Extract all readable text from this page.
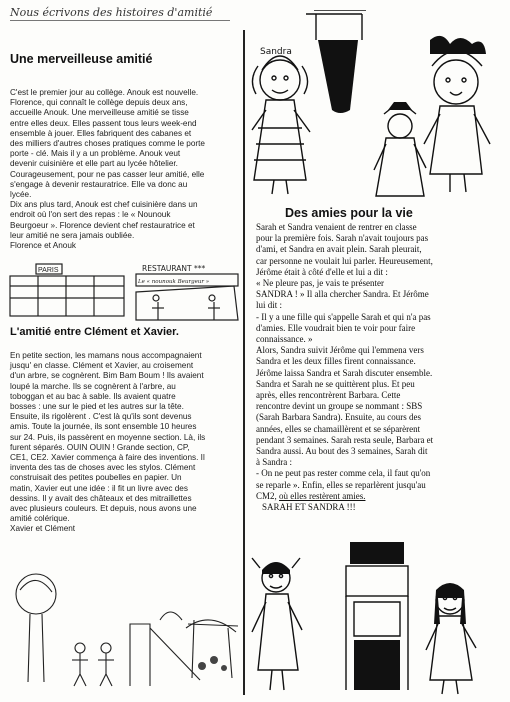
Nous écrivons des histoires d'amitié
Une merveilleuse amitié

C'est le premier jour au collège. Anouk est nouvelle.

Florence, qui connaît le collège depuis deux ans,

accueille Anouk. Une merveilleuse amitié se tisse

entre elles deux. Elles passent tous leurs week-end

ensemble à jouer. Elles fabriquent des cabanes et

des milliers d'autres choses pratiques comme le porte

porte - clé. Mais il y a un problème. Anouk veut

devenir cuisinière et elle part au lycée hôtelier.

Courageusement, pour ne pas casser leur amitié, elle

s'engage à devenir restauratrice. Elle va donc au

lycée.

Dix ans plus tard, Anouk est chef cuisinière dans un

endroit où l'on sert des repas : le « Nounouk

Beurgoeur ». Florence devient chef restauratrice et

leur amitié ne sera jamais oubliée.

Florence et Anouk

PARIS	RESTAURANT ***
Le « nounouk Beurgeur »
L'amitié entre Clément et Xavier.

En petite section, les mamans nous accompagnaient

jusqu' en classe. Clément et Xavier, au croisement

d'un arbre, se cognèrent. Bim Bam Boum ! Ils avaient

loupé la marche. Ils se cognèrent à l'arbre, au

toboggan et au bac à sable. Ils avaient quatre

bosses : une sur le pied et les autres sur la tête.

Ensuite, ils rigolèrent . C'est là qu'ils sont devenus

amis. Toute la journée, ils sont ensemble 10 heures

sur 24. Puis, ils passèrent en moyenne section. Là, ils

furent séparés. OUIN OUIN ! Grande section, CP,

CE1, CE2. Xavier commença à faire des inventions. Il

inventa des tas de choses avec les stylos. Clément

construisait des petites poubelles en papier. Un

matin, Xavier eut une idée : il fit un livre avec des

dessins. Il y avait des châteaux et des mitraillettes

avec plusieurs couleurs. Et depuis, nous avons une

amitié colérique.

Xavier et Clément

Sandra
Des amies pour la vie

Sarah et Sandra venaient de rentrer en classe

pour la première fois. Sarah n'avait toujours pas

d'ami, et Sandra en avait plein. Sarah pleurait,

car personne ne voulait lui parler. Heureusement,

Jérôme était à côté d'elle et lui a dit :

« Ne pleure pas, je vais te présenter

SANDRA ! » Il alla chercher Sandra. Et Jérôme

lui dit :

- Il y a une fille qui s'appelle Sarah et qui n'a pas

d'amies. Elle voudrait bien te voir pour faire

connaissance. »

Alors, Sandra suivit Jérôme qui l'emmena vers

Sandra et les deux filles firent connaissance.

Jérôme laissa Sandra et Sarah discuter ensemble.

Sandra et Sarah ne se quittèrent plus. Et peu

après, elles rencontrèrent Barbara. Cette

rencontre devint un groupe se nommant : SBS

(Sarah Barbara Sandra). Ensuite, au cours des

années, elles se chamaillèrent et se séparèrent

pendant 3 semaines. Sarah resta seule, Barbara et

Sandra aussi. Au bout des 3 semaines, Sarah dit

à Sandra :

- On ne peut pas rester comme cela, il faut qu'on

se reparle ». Enfin, elles se reparlèrent jusqu'au

CM2, où elles restèrent amies.

SARAH ET SANDRA !!!
